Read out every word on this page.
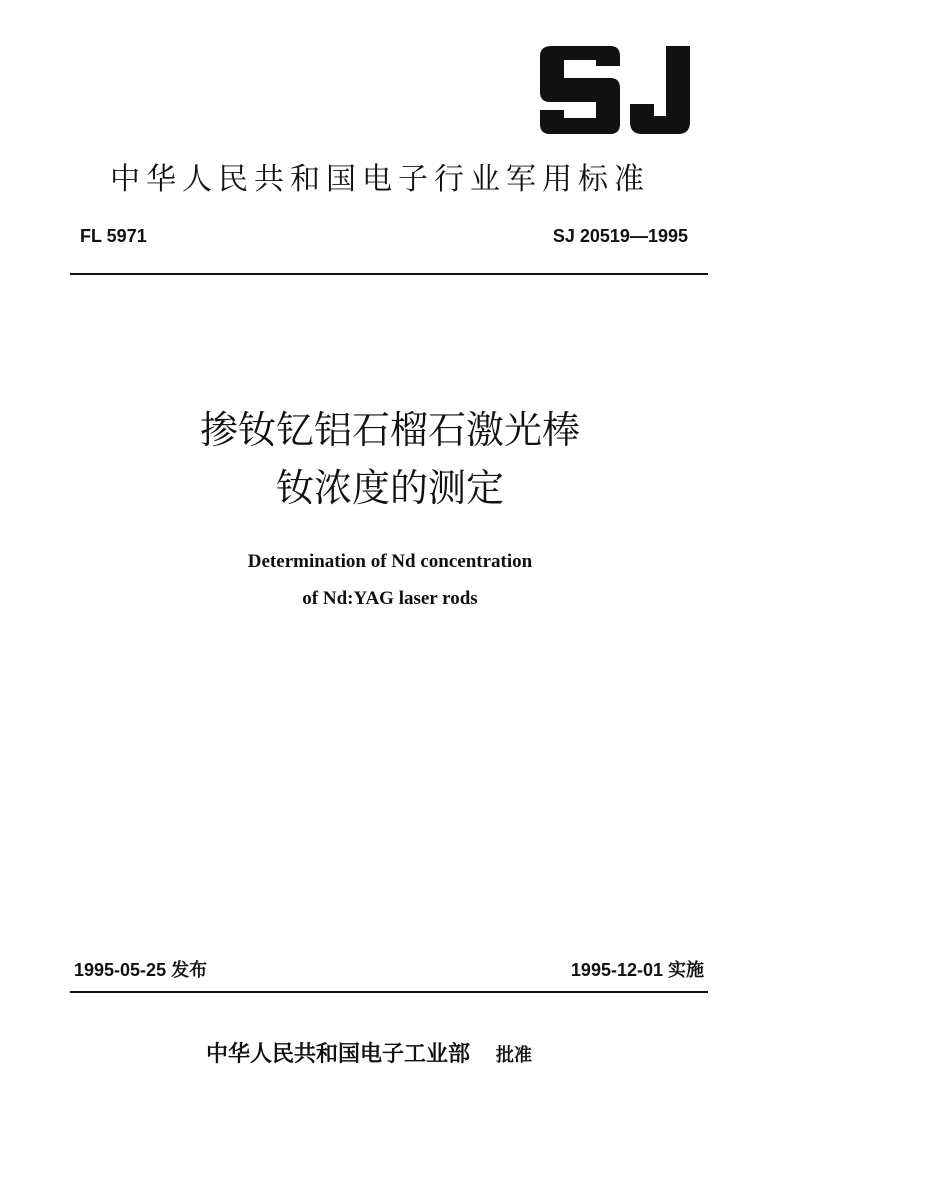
中华人民共和国电子行业军用标准
FL 5971	SJ 20519—1995
掺钕钇铝石榴石激光棒
钕浓度的测定
Determination of Nd concentration
of Nd:YAG laser rods
1995-05-25 发布	1995-12-01 实施
中华人民共和国电子工业部 批准
